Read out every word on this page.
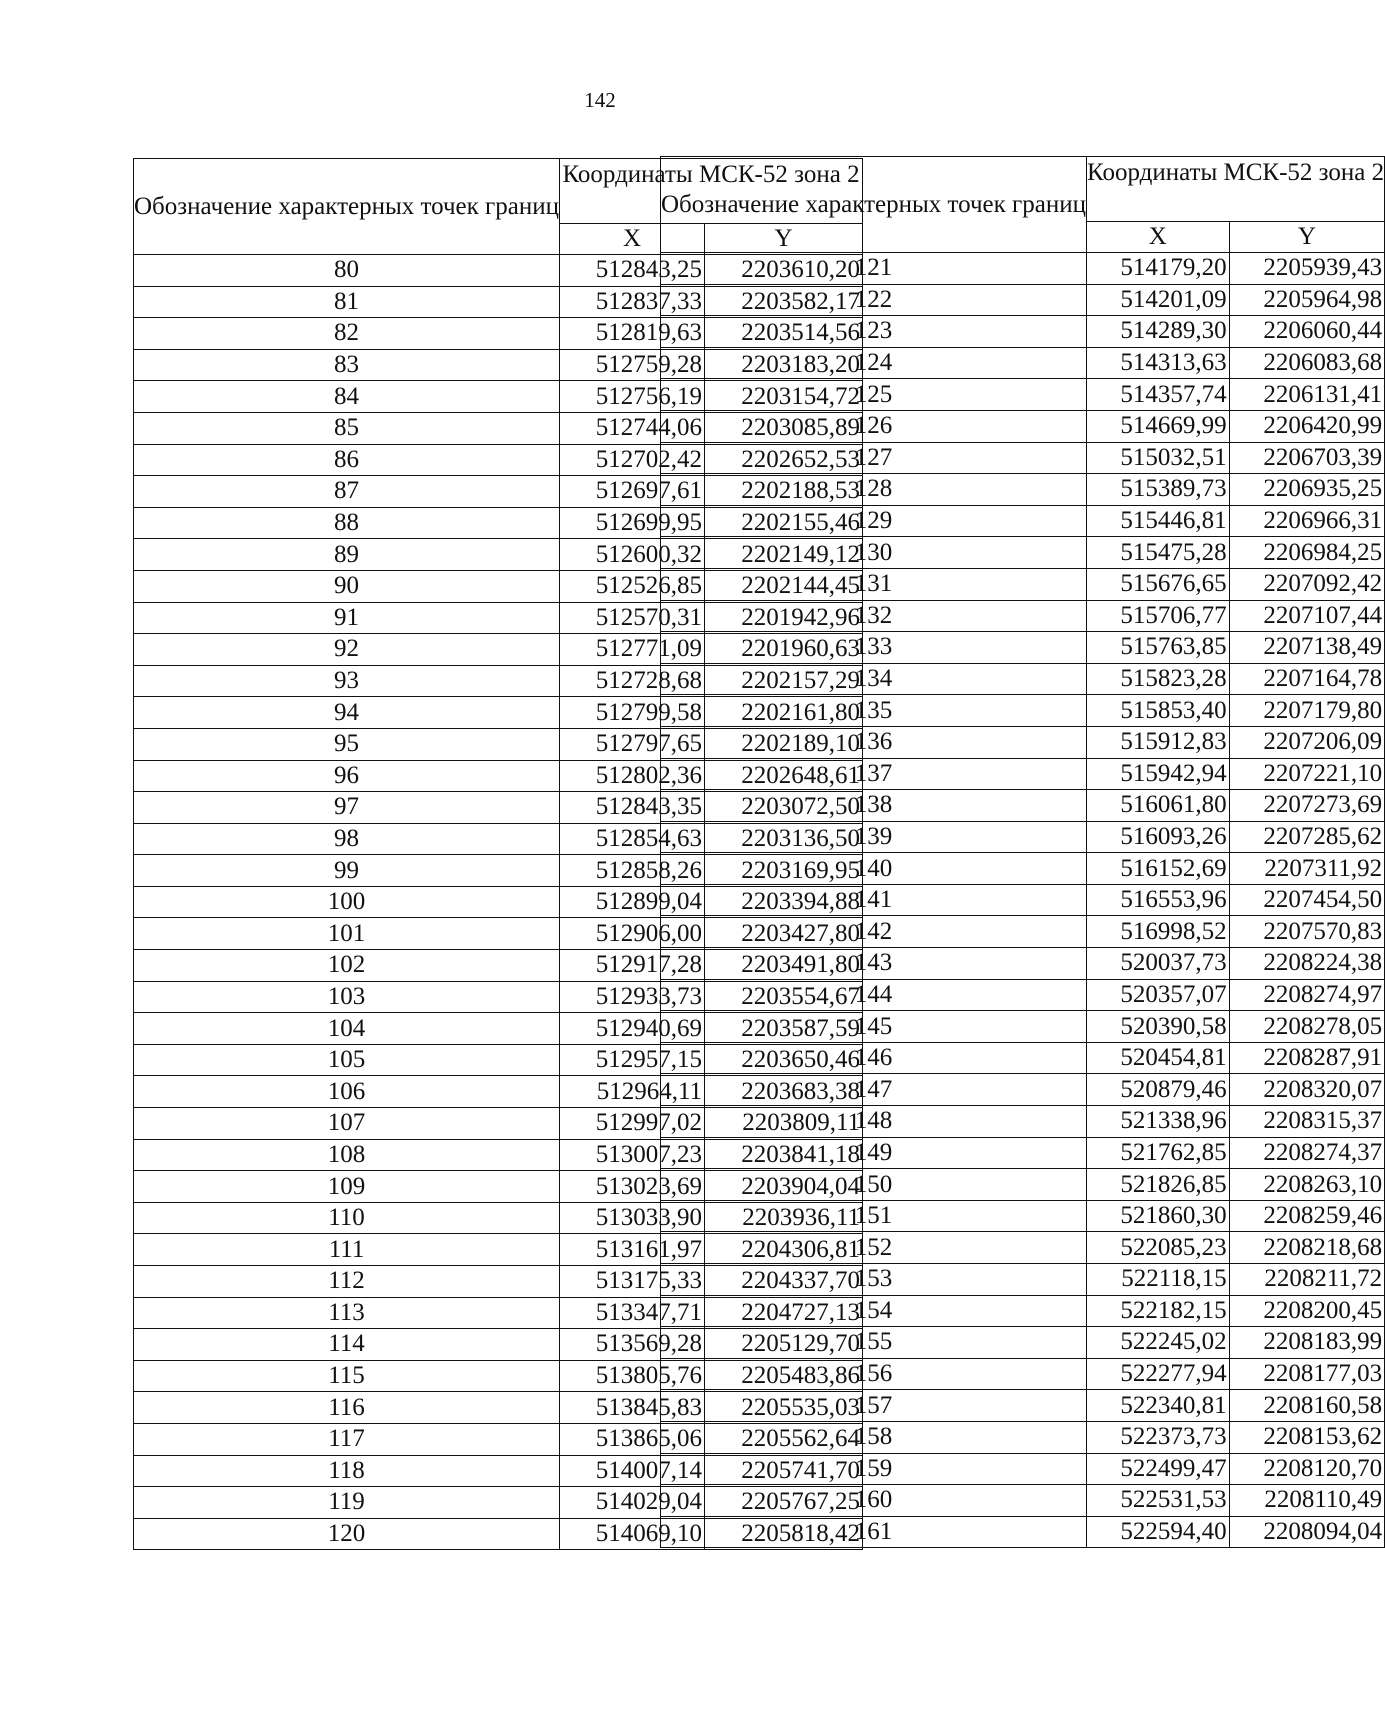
142
Обозначение характерных точек границ	Координаты МСК-52 зона 2	
	X	Y
80	512843,25	2203610,20
81	512837,33	2203582,17
82	512819,63	2203514,56
83	512759,28	2203183,20
84	512756,19	2203154,72
85	512744,06	2203085,89
86	512702,42	2202652,53
87	512697,61	2202188,53
88	512699,95	2202155,46
89	512600,32	2202149,12
90	512526,85	2202144,45
91	512570,31	2201942,96
92	512771,09	2201960,63
93	512728,68	2202157,29
94	512799,58	2202161,80
95	512797,65	2202189,10
96	512802,36	2202648,61
97	512843,35	2203072,50
98	512854,63	2203136,50
99	512858,26	2203169,95
100	512899,04	2203394,88
101	512906,00	2203427,80
102	512917,28	2203491,80
103	512933,73	2203554,67
104	512940,69	2203587,59
105	512957,15	2203650,46
106	512964,11	2203683,38
107	512997,02	2203809,11
108	513007,23	2203841,18
109	513023,69	2203904,04
110	513033,90	2203936,11
111	513161,97	2204306,81
112	513175,33	2204337,70
113	513347,71	2204727,13
114	513569,28	2205129,70
115	513805,76	2205483,86
116	513845,83	2205535,03
117	513865,06	2205562,64
118	514007,14	2205741,70
119	514029,04	2205767,25
120	514069,10	2205818,42
Обозначение характерных точек границ	Координаты МСК-52 зона 2	
	X	Y
121	514179,20	2205939,43
122	514201,09	2205964,98
123	514289,30	2206060,44
124	514313,63	2206083,68
125	514357,74	2206131,41
126	514669,99	2206420,99
127	515032,51	2206703,39
128	515389,73	2206935,25
129	515446,81	2206966,31
130	515475,28	2206984,25
131	515676,65	2207092,42
132	515706,77	2207107,44
133	515763,85	2207138,49
134	515823,28	2207164,78
135	515853,40	2207179,80
136	515912,83	2207206,09
137	515942,94	2207221,10
138	516061,80	2207273,69
139	516093,26	2207285,62
140	516152,69	2207311,92
141	516553,96	2207454,50
142	516998,52	2207570,83
143	520037,73	2208224,38
144	520357,07	2208274,97
145	520390,58	2208278,05
146	520454,81	2208287,91
147	520879,46	2208320,07
148	521338,96	2208315,37
149	521762,85	2208274,37
150	521826,85	2208263,10
151	521860,30	2208259,46
152	522085,23	2208218,68
153	522118,15	2208211,72
154	522182,15	2208200,45
155	522245,02	2208183,99
156	522277,94	2208177,03
157	522340,81	2208160,58
158	522373,73	2208153,62
159	522499,47	2208120,70
160	522531,53	2208110,49
161	522594,40	2208094,04
